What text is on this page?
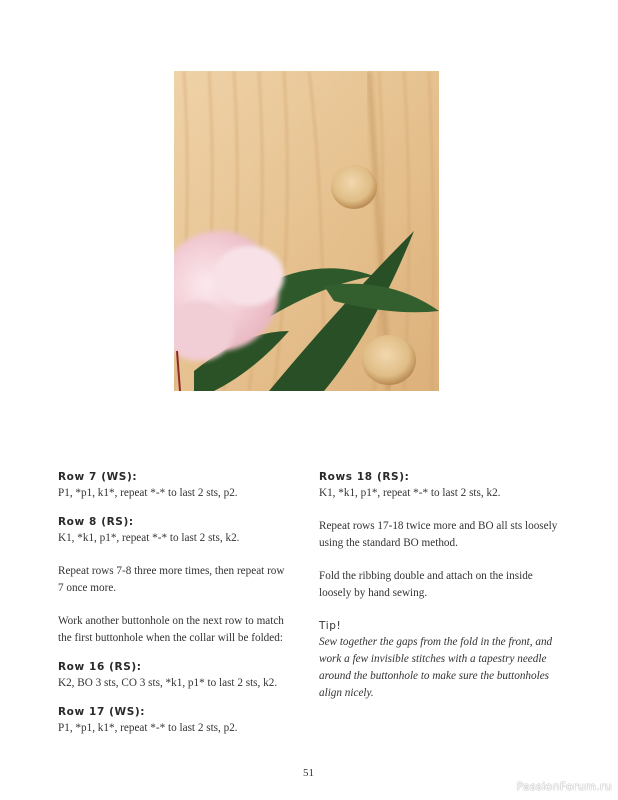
Row 7 (WS):
P1, *p1, k1*, repeat *-* to last 2 sts, p2.
Row 8 (RS):
K1, *k1, p1*, repeat *-* to last 2 sts, k2.
Repeat rows 7-8 three more times, then repeat row
7 once more.
Work another buttonhole on the next row to match
the first buttonhole when the collar will be folded:
Row 16 (RS):
K2, BO 3 sts, CO 3 sts, *k1, p1* to last 2 sts, k2.
Row 17 (WS):
P1, *p1, k1*, repeat *-* to last 2 sts, p2.
Rows 18 (RS):
K1, *k1, p1*, repeat *-* to last 2 sts, k2.
Repeat rows 17-18 twice more and BO all sts loosely
using the standard BO method.
Fold the ribbing double and attach on the inside
loosely by hand sewing.
Tip!
Sew together the gaps from the fold in the front, and
work a few invisible stitches with a tapestry needle
around the buttonhole to make sure the buttonholes
align nicely.
51
PassionForum.ru
